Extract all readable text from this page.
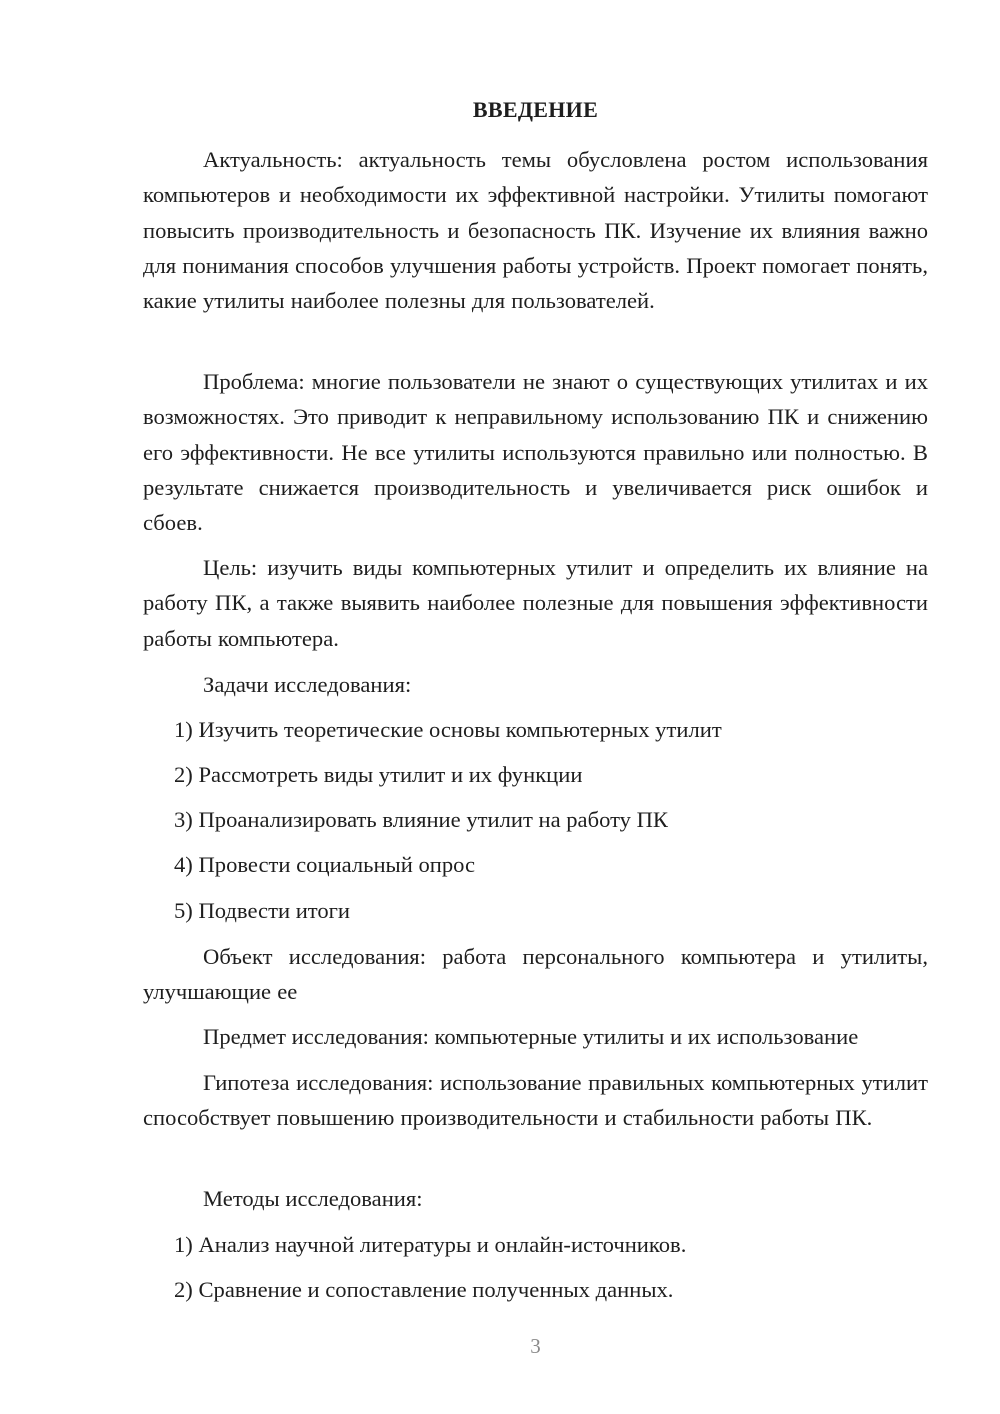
ВВЕДЕНИЕ

Актуальность: актуальность темы обусловлена ростом использования компьютеров и необходимости их эффективной настройки. Утилиты помогают повысить производительность и безопасность ПК. Изучение их влияния важно для понимания способов улучшения работы устройств. Проект помогает понять, какие утилиты наиболее полезны для пользователей.

Проблема: многие пользователи не знают о существующих утилитах и их возможностях. Это приводит к неправильному использованию ПК и снижению его эффективности. Не все утилиты используются правильно или полностью. В результате снижается производительность и увеличивается риск ошибок и сбоев.

Цель: изучить виды компьютерных утилит и определить их влияние на работу ПК, а также выявить наиболее полезные для повышения эффективности работы компьютера.

Задачи исследования:
1) Изучить теоретические основы компьютерных утилит
2) Рассмотреть виды утилит и их функции
3) Проанализировать влияние утилит на работу ПК
4) Провести социальный опрос
5) Подвести итоги

Объект исследования: работа персонального компьютера и утилиты, улучшающие ее

Предмет исследования: компьютерные утилиты и их использование

Гипотеза исследования: использование правильных компьютерных утилит способствует повышению производительности и стабильности работы ПК.

Методы исследования:
1) Анализ научной литературы и онлайн-источников.
2) Сравнение и сопоставление полученных данных.
3
